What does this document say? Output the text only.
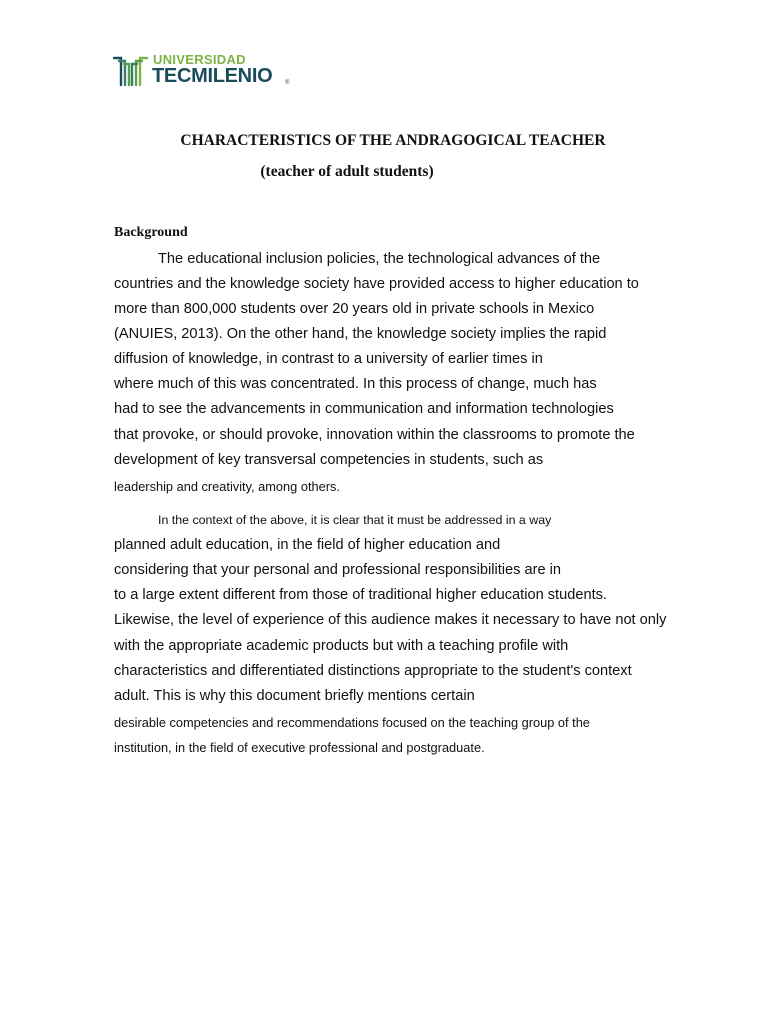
UNIVERSIDAD
TECMILENIO ®
CHARACTERISTICS OF THE ANDRAGOGICAL TEACHER
(teacher of adult students)
Background
The educational inclusion policies, the technological advances of the
countries and the knowledge society have provided access to higher education to
more than 800,000 students over 20 years old in private schools in Mexico
(ANUIES, 2013). On the other hand, the knowledge society implies the rapid
diffusion of knowledge, in contrast to a university of earlier times in
where much of this was concentrated. In this process of change, much has
had to see the advancements in communication and information technologies
that provoke, or should provoke, innovation within the classrooms to promote the
development of key transversal competencies in students, such as
leadership and creativity, among others.
In the context of the above, it is clear that it must be addressed in a way
planned adult education, in the field of higher education and
considering that your personal and professional responsibilities are in
to a large extent different from those of traditional higher education students.
Likewise, the level of experience of this audience makes it necessary to have not only
with the appropriate academic products but with a teaching profile with
characteristics and differentiated distinctions appropriate to the student's context
adult. This is why this document briefly mentions certain
desirable competencies and recommendations focused on the teaching group of the
institution, in the field of executive professional and postgraduate.
